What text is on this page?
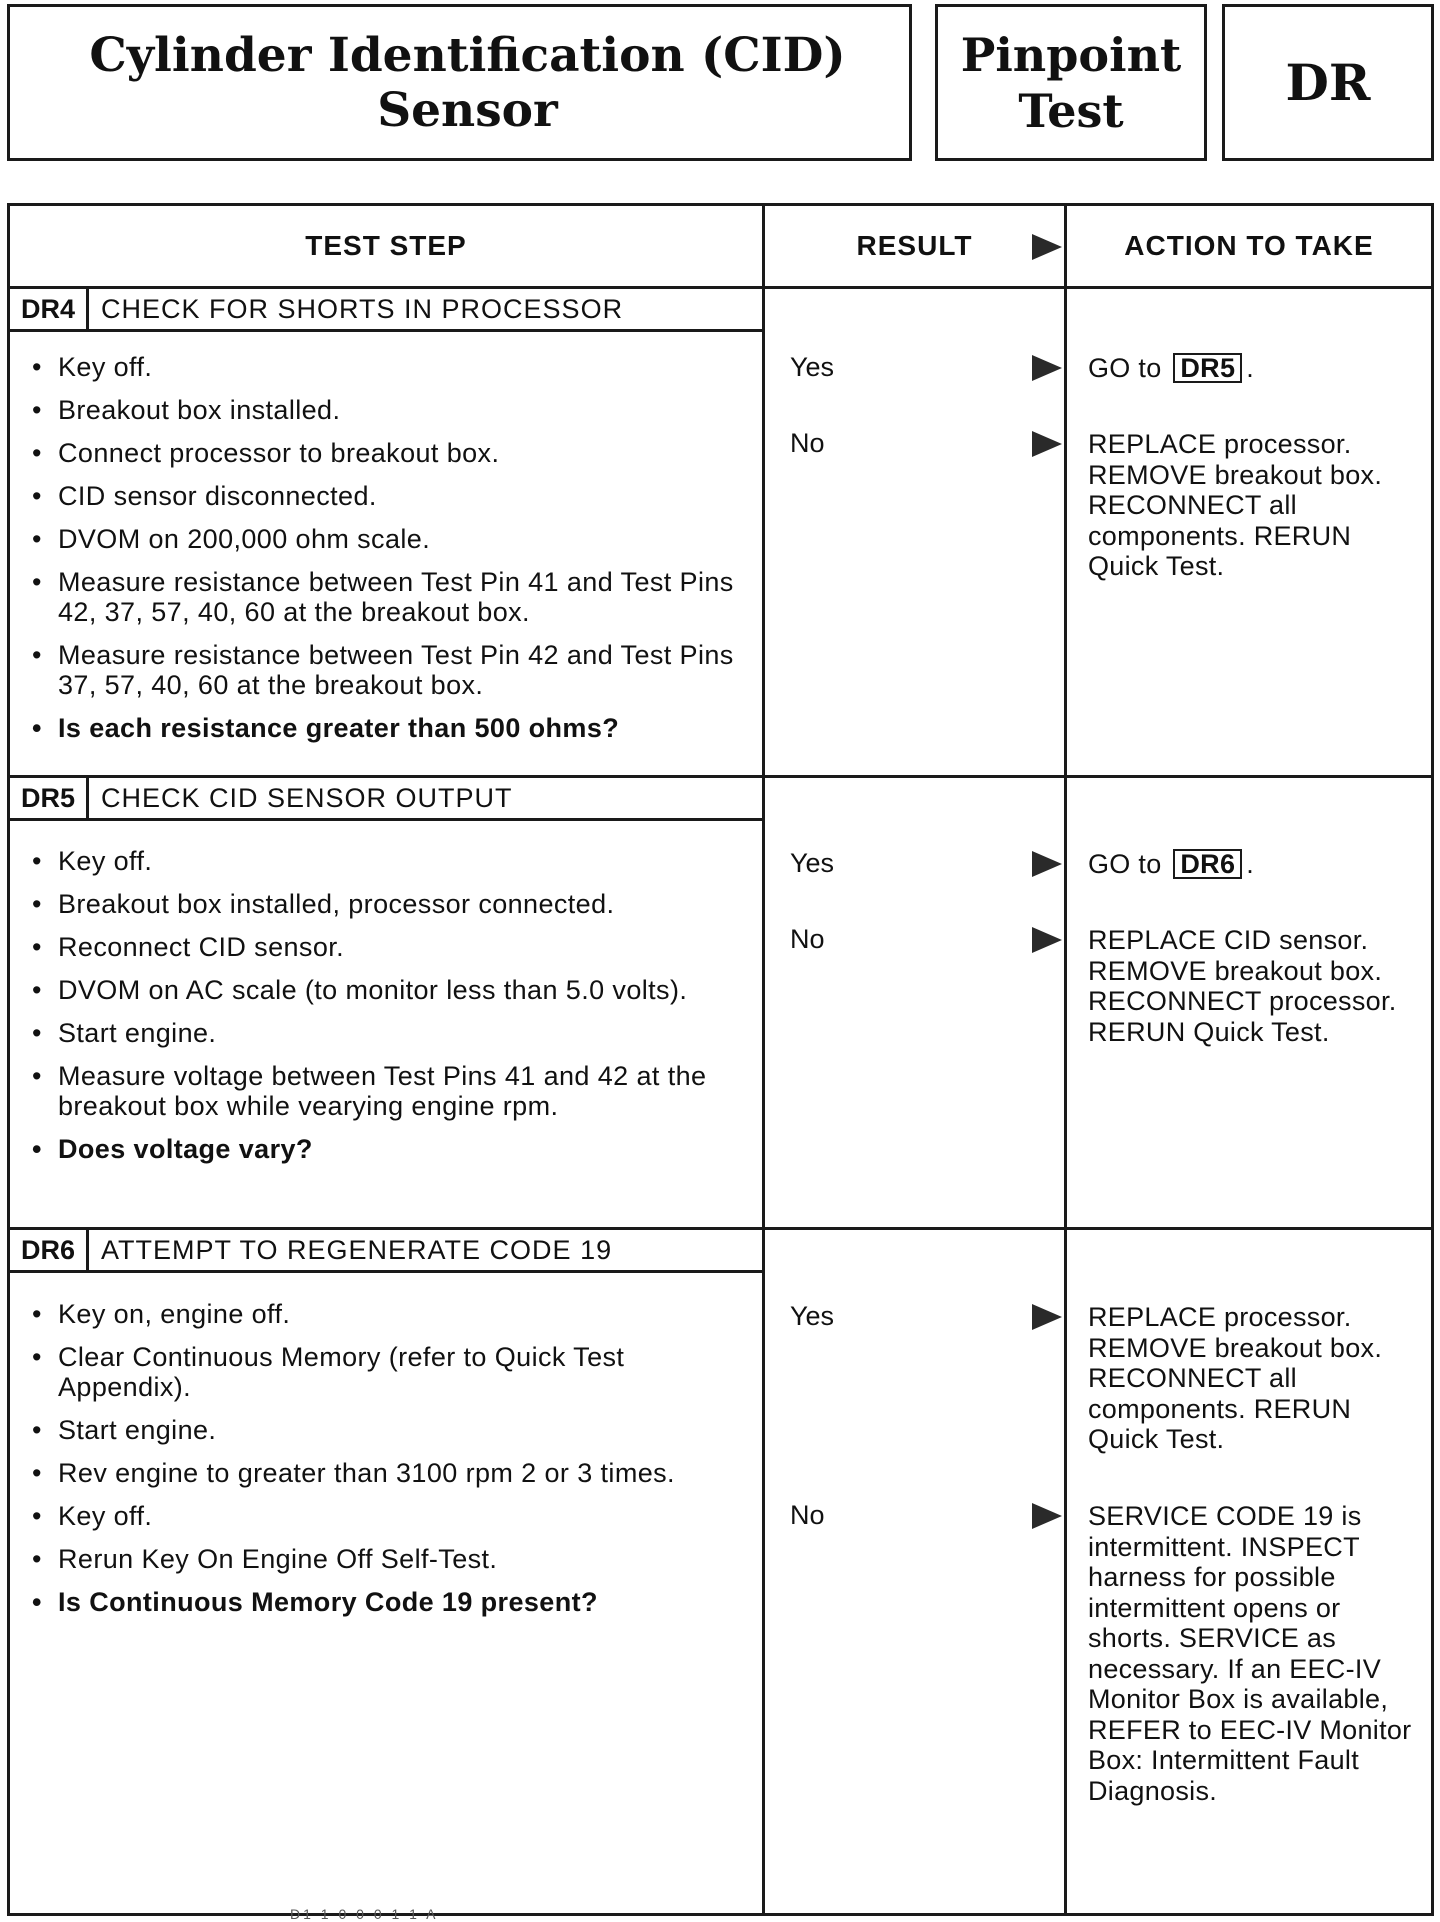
Cylinder Identification (CID) Sensor
Pinpoint
Test	DR
TEST STEP	RESULT	ACTION TO TAKE
DR4 CHECK FOR SHORTS IN PROCESSOR
• Key off.
• Breakout box installed.
• Connect processor to breakout box.
• CID sensor disconnected.
• DVOM on 200,000 ohm scale.
• Measure resistance between Test Pin 41 and Test Pins 42, 37, 57, 40, 60 at the breakout box.
• Measure resistance between Test Pin 42 and Test Pins 37, 57, 40, 60 at the breakout box.
• Is each resistance greater than 500 ohms?
Yes	GO to DR5 .
No	REPLACE processor. REMOVE breakout box. RECONNECT all components. RERUN Quick Test.
DR5 CHECK CID SENSOR OUTPUT
• Key off.
• Breakout box installed, processor connected.
• Reconnect CID sensor.
• DVOM on AC scale (to monitor less than 5.0 volts).
• Start engine.
• Measure voltage between Test Pins 41 and 42 at the breakout box while vearying engine rpm.
• Does voltage vary?
Yes	GO to DR6 .
No	REPLACE CID sensor. REMOVE breakout box. RECONNECT processor. RERUN Quick Test.
DR6 ATTEMPT TO REGENERATE CODE 19
• Key on, engine off.
• Clear Continuous Memory (refer to Quick Test Appendix).
• Start engine.
• Rev engine to greater than 3100 rpm 2 or 3 times.
• Key off.
• Rerun Key On Engine Off Self-Test.
• Is Continuous Memory Code 19 present?
Yes	REPLACE processor. REMOVE breakout box. RECONNECT all components. RERUN Quick Test.
No	SERVICE CODE 19 is intermittent. INSPECT harness for possible intermittent opens or shorts. SERVICE as necessary. If an EEC-IV Monitor Box is available, REFER to EEC-IV Monitor Box: Intermittent Fault Diagnosis.
D1 1 0 0 0 1 1 A
